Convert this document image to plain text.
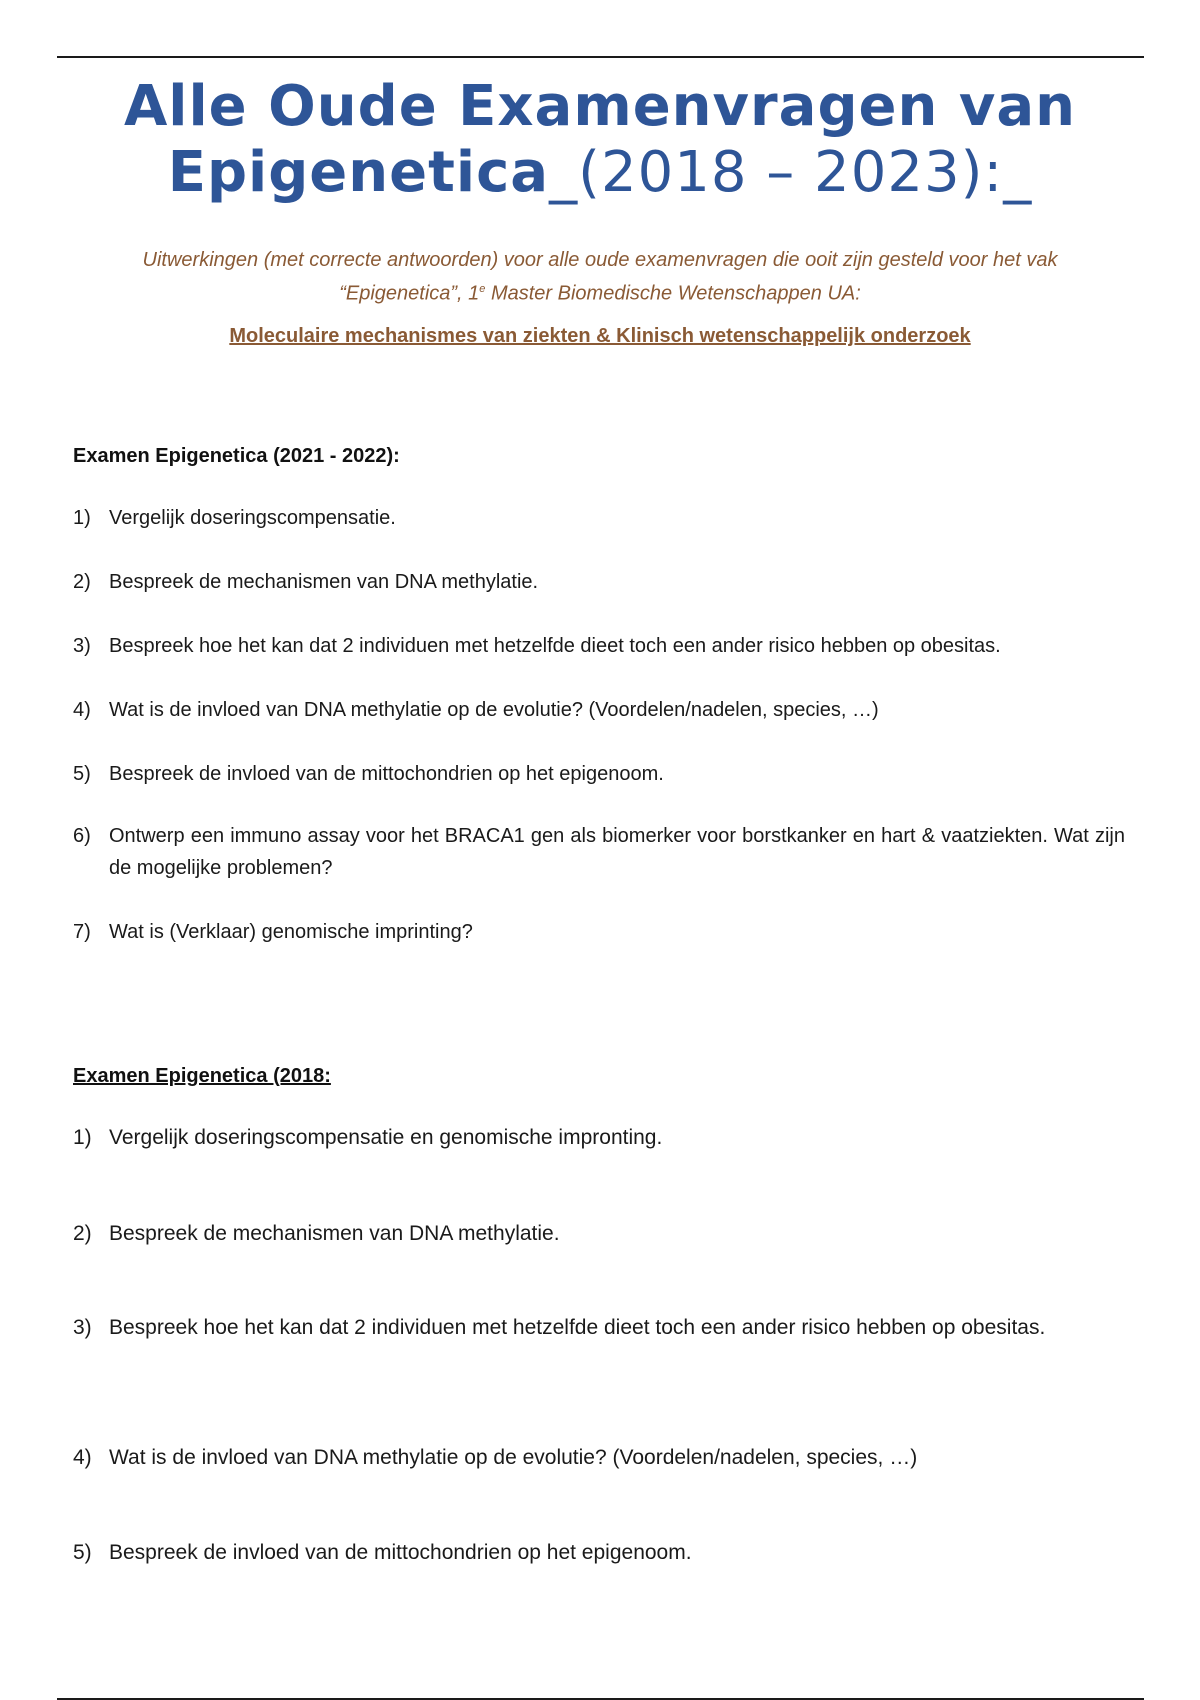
Alle Oude Examenvragen van
Epigenetica_(2018 – 2023):_
Uitwerkingen (met correcte antwoorden) voor alle oude examenvragen die ooit zijn gesteld voor het vak
“Epigenetica”, 1e Master Biomedische Wetenschappen UA:
Moleculaire mechanismes van ziekten & Klinisch wetenschappelijk onderzoek
Examen Epigenetica (2021 - 2022):
1) Vergelijk doseringscompensatie.
2) Bespreek de mechanismen van DNA methylatie.
3) Bespreek hoe het kan dat 2 individuen met hetzelfde dieet toch een ander risico hebben op obesitas.
4) Wat is de invloed van DNA methylatie op de evolutie? (Voordelen/nadelen, species, …)
5) Bespreek de invloed van de mittochondrien op het epigenoom.
6) Ontwerp een immuno assay voor het BRACA1 gen als biomerker voor borstkanker en hart & vaatziekten. Wat zijn de mogelijke problemen?
7) Wat is (Verklaar) genomische imprinting?
Examen Epigenetica (2018:
1) Vergelijk doseringscompensatie en genomische impronting.
2) Bespreek de mechanismen van DNA methylatie.
3) Bespreek hoe het kan dat 2 individuen met hetzelfde dieet toch een ander risico hebben op obesitas.
4) Wat is de invloed van DNA methylatie op de evolutie? (Voordelen/nadelen, species, …)
5) Bespreek de invloed van de mittochondrien op het epigenoom.
